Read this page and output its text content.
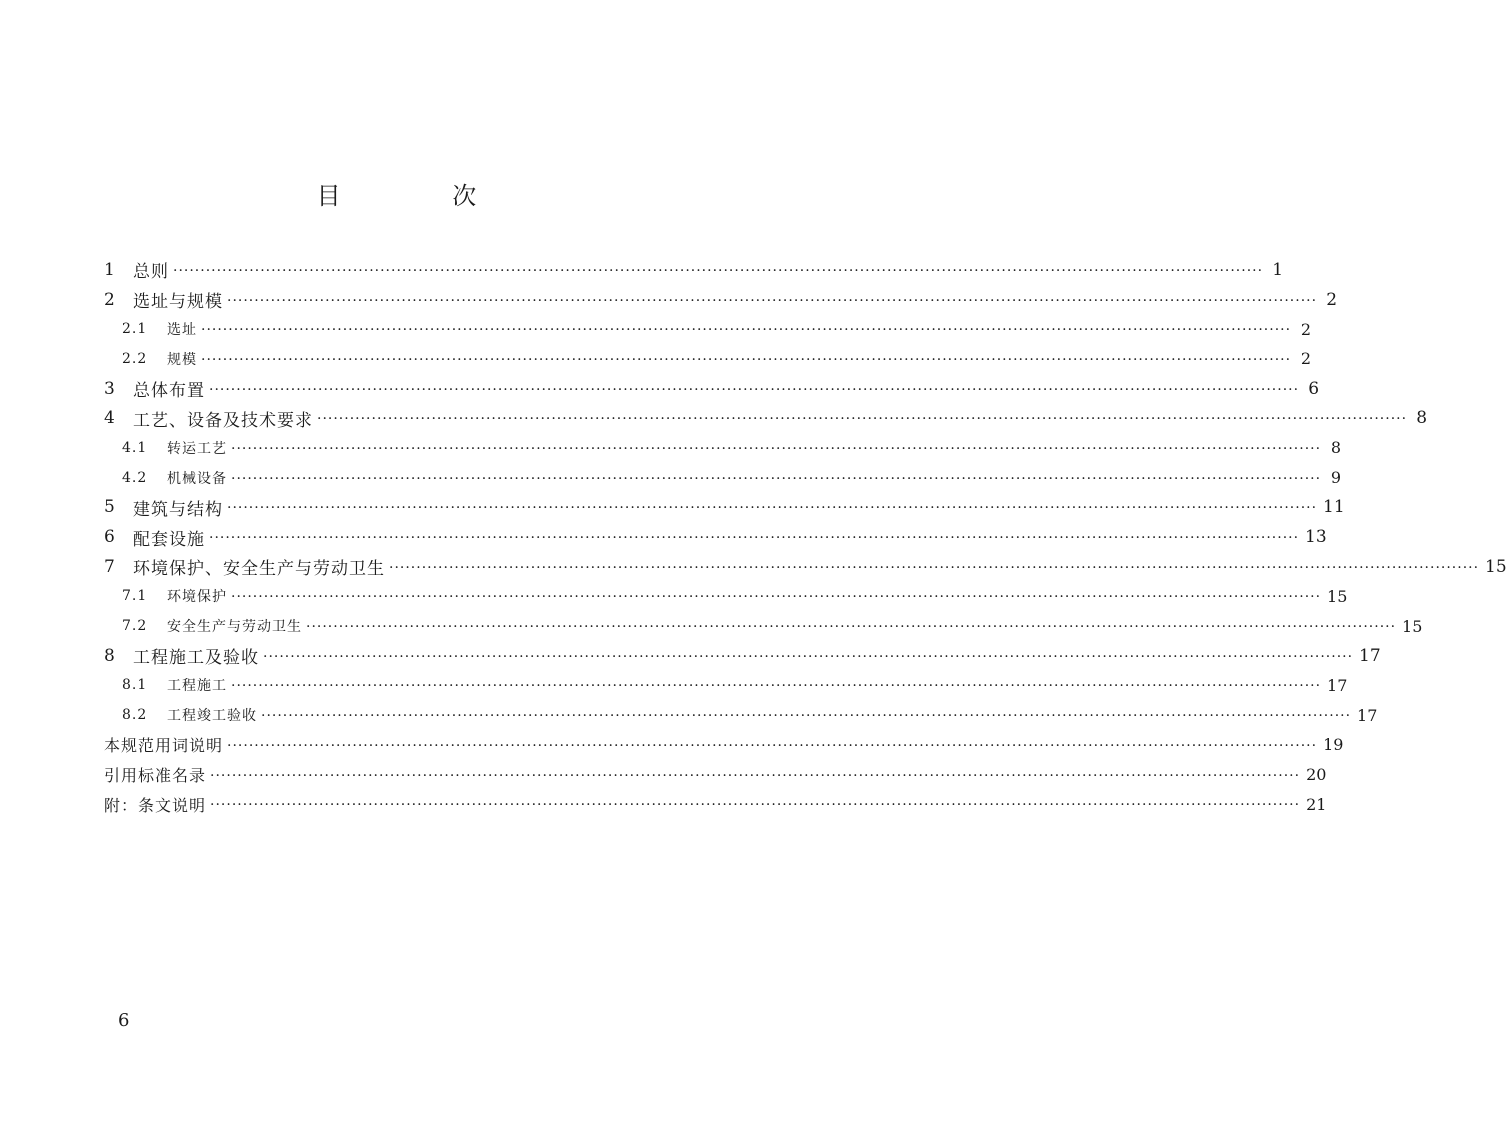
目 次
1	总则 ········································································································································································································ 1
2	选址与规模 ········································································································································································································ 2
2.1	选址 ········································································································································································································ 2
2.2	规模 ········································································································································································································ 2
3	总体布置 ········································································································································································································ 6
4	工艺、设备及技术要求 ········································································································································································································ 8
4.1	转运工艺 ········································································································································································································ 8
4.2	机械设备 ········································································································································································································ 9
5	建筑与结构 ········································································································································································································ 11
6	配套设施 ········································································································································································································ 13
7	环境保护、安全生产与劳动卫生 ········································································································································································································ 15
7.1	环境保护 ········································································································································································································ 15
7.2	安全生产与劳动卫生 ········································································································································································································ 15
8	工程施工及验收 ········································································································································································································ 17
8.1	工程施工 ········································································································································································································ 17
8.2	工程竣工验收 ········································································································································································································ 17
本规范用词说明 ········································································································································································································ 19
引用标准名录 ········································································································································································································ 20
附：条文说明 ········································································································································································································ 21
6
